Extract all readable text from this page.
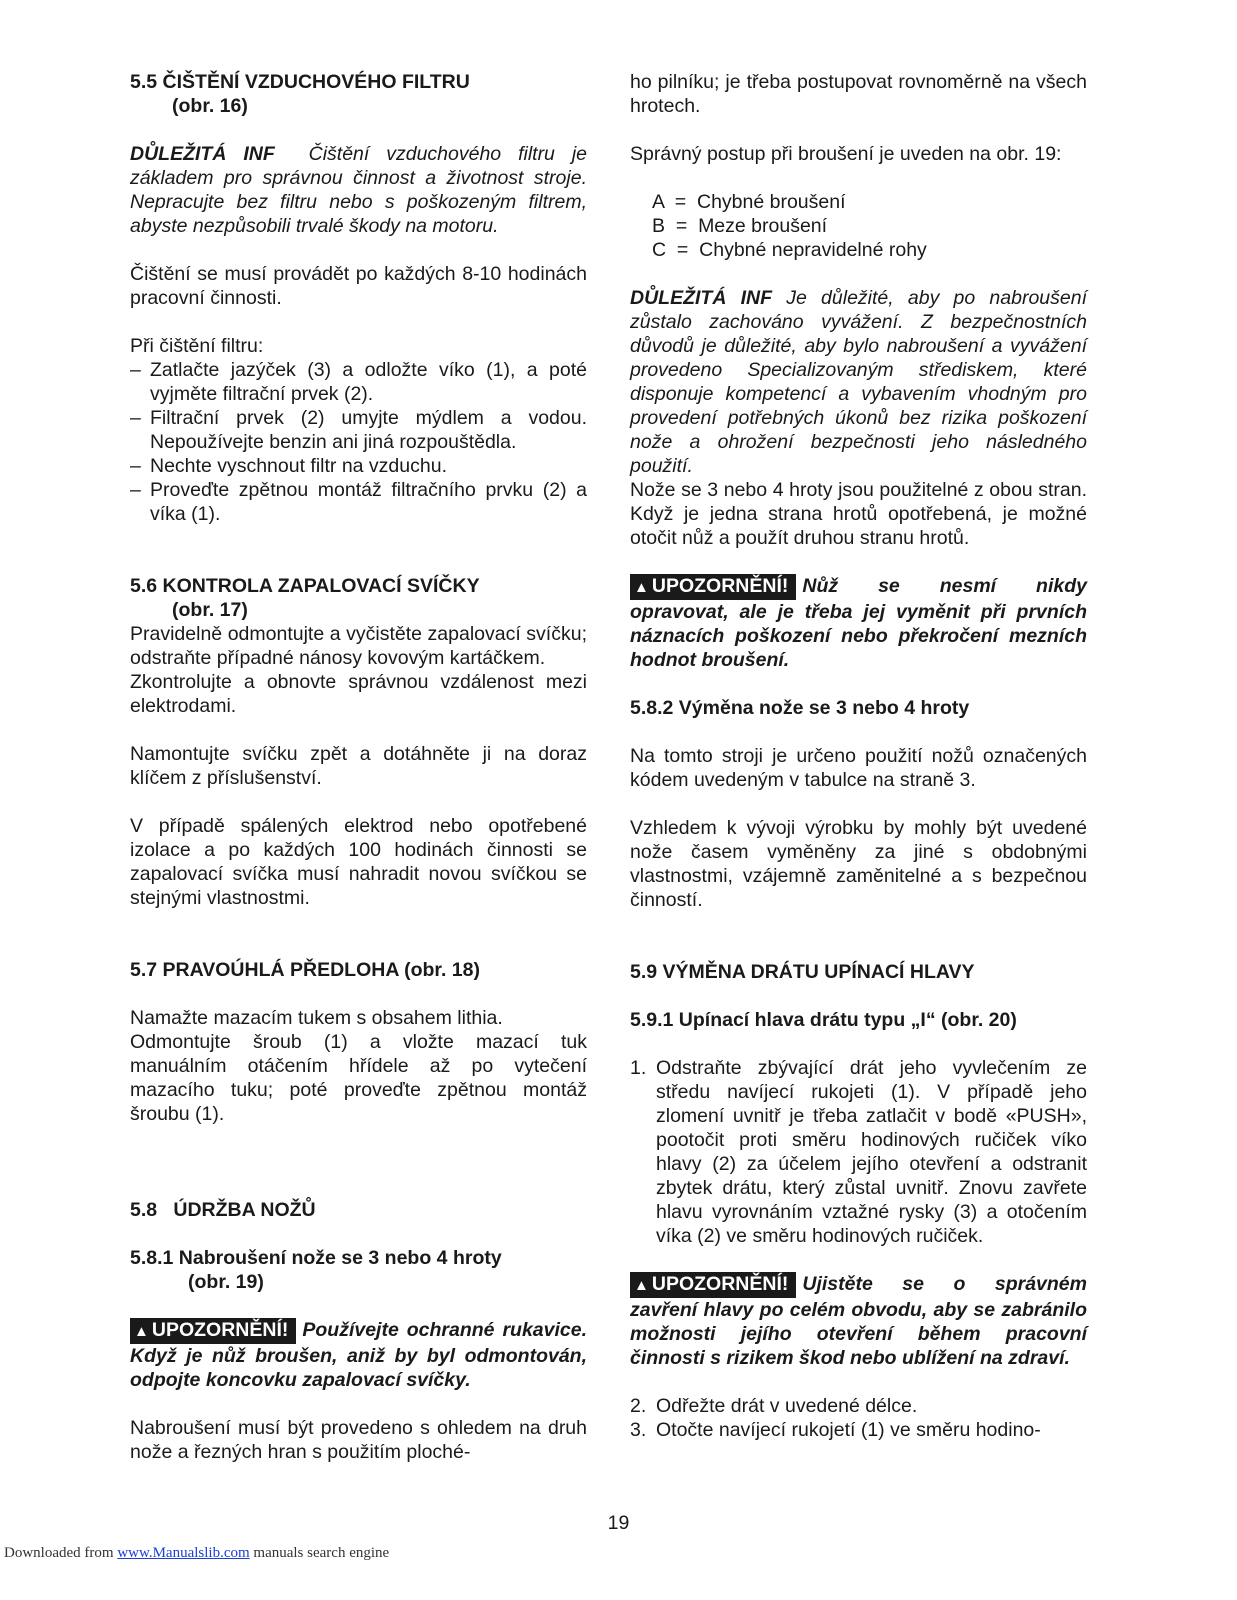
5.5 ČIŠTĚNÍ VZDUCHOVÉHO FILTRU
(obr. 16)

DŮLEŽITÁ INF Čištění vzduchového filtru je základem pro správnou činnost a životnost stroje. Nepracujte bez filtru nebo s poškozeným filtrem, abyste nezpůsobili trvalé škody na motoru.

Čištění se musí provádět po každých 8-10 hodinách pracovní činnosti.

Při čištění filtru:

– Zatlačte jazýček (3) a odložte víko (1), a poté vyjměte filtrační prvek (2).
– Filtrační prvek (2) umyjte mýdlem a vodou. Nepoužívejte benzin ani jiná rozpouštědla.
– Nechte vyschnout filtr na vzduchu.
– Proveďte zpětnou montáž filtračního prvku (2) a víka (1).
5.6 KONTROLA ZAPALOVACÍ SVÍČKY
(obr. 17)

Pravidelně odmontujte a vyčistěte zapalovací svíčku; odstraňte případné nánosy kovovým kartáčkem.

Zkontrolujte a obnovte správnou vzdálenost mezi elektrodami.

Namontujte svíčku zpět a dotáhněte ji na doraz klíčem z příslušenství.

V případě spálených elektrod nebo opotřebené izolace a po každých 100 hodinách činnosti se zapalovací svíčka musí nahradit novou svíčkou se stejnými vlastnostmi.

5.7 PRAVOÚHLÁ PŘEDLOHA (obr. 18)

Namažte mazacím tukem s obsahem lithia.

Odmontujte šroub (1) a vložte mazací tuk manuálním otáčením hřídele až po vytečení mazacího tuku; poté proveďte zpětnou montáž šroubu (1).

5.8   ÚDRŽBA NOŽŮ
5.8.1 Nabroušení nože se 3 nebo 4 hroty
(obr. 19)

▲ UPOZORNĚNÍ! Používejte ochranné rukavice. Když je nůž broušen, aniž by byl odmontován, odpojte koncovku zapalovací svíčky.

Nabroušení musí být provedeno s ohledem na druh nože a řezných hran s použitím ploché-

ho pilníku; je třeba postupovat rovnoměrně na všech hrotech.

Správný postup při broušení je uveden na obr. 19:

A  =  Chybné broušení
B  =  Meze broušení
C  =  Chybné nepravidelné rohy

DŮLEŽITÁ INF Je důležité, aby po nabroušení zůstalo zachováno vyvážení. Z bezpečnostních důvodů je důležité, aby bylo nabroušení a vyvážení provedeno Specializovaným střediskem, které disponuje kompetencí a vybavením vhodným pro provedení potřebných úkonů bez rizika poškození nože a ohrožení bezpečnosti jeho následného použití.

Nože se 3 nebo 4 hroty jsou použitelné z obou stran. Když je jedna strana hrotů opotřebená, je možné otočit nůž a použít druhou stranu hrotů.

▲ UPOZORNĚNÍ! Nůž se nesmí nikdy opravovat, ale je třeba jej vyměnit při prvních náznacích poškození nebo překročení mezních hodnot broušení.

5.8.2 Výměna nože se 3 nebo 4 hroty

Na tomto stroji je určeno použití nožů označených kódem uvedeným v tabulce na straně 3.

Vzhledem k vývoji výrobku by mohly být uvedené nože časem vyměněny za jiné s obdobnými vlastnostmi, vzájemně zaměnitelné a s bezpečnou činností.

5.9 VÝMĚNA DRÁTU UPÍNACÍ HLAVY
5.9.1 Upínací hlava drátu typu „I“ (obr. 20)
1. Odstraňte zbývající drát jeho vyvlečením ze středu navíjecí rukojeti (1). V případě jeho zlomení uvnitř je třeba zatlačit v bodě «PUSH», pootočit proti směru hodinových ručiček víko hlavy (2) za účelem jejího otevření a odstranit zbytek drátu, který zůstal uvnitř. Znovu zavřete hlavu vyrovnáním vztažné rysky (3) a otočením víka (2) ve směru hodinových ručiček.

▲ UPOZORNĚNÍ! Ujistěte se o správném zavření hlavy po celém obvodu, aby se zabránilo možnosti jejího otevření během pracovní činnosti s rizikem škod nebo ublížení na zdraví.

2. Odřežte drát v uvedené délce.
3. Otočte navíjecí rukojetí (1) ve směru hodino-
19
Downloaded from www.Manualslib.com manuals search engine
